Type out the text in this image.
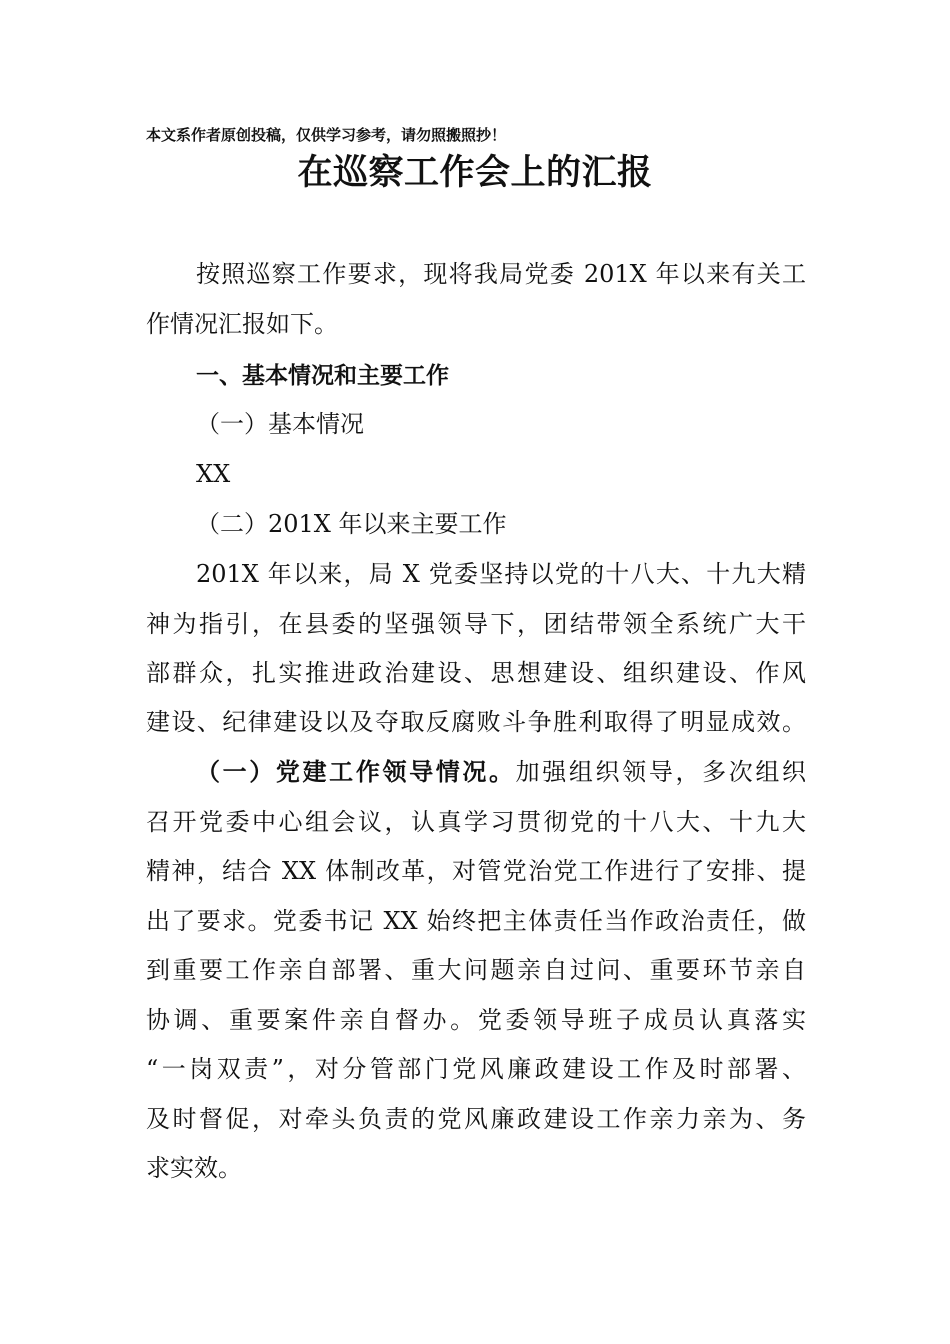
本文系作者原创投稿，仅供学习参考，请勿照搬照抄！
在巡察工作会上的汇报
按照巡察工作要求，现将我局党委 201X 年以来有关工
作情况汇报如下。
一、基本情况和主要工作
（一）基本情况
XX
（二）201X 年以来主要工作
201X 年以来，局 X 党委坚持以党的十八大、十九大精
神为指引，在县委的坚强领导下，团结带领全系统广大干
部群众，扎实推进政治建设、思想建设、组织建设、作风
建设、纪律建设以及夺取反腐败斗争胜利取得了明显成效。
（一）党建工作领导情况。加强组织领导，多次组织
召开党委中心组会议，认真学习贯彻党的十八大、十九大
精神，结合 XX 体制改革，对管党治党工作进行了安排、提
出了要求。党委书记 XX 始终把主体责任当作政治责任，做
到重要工作亲自部署、重大问题亲自过问、重要环节亲自
协调、重要案件亲自督办。党委领导班子成员认真落实
“一岗双责”，对分管部门党风廉政建设工作及时部署、
及时督促，对牵头负责的党风廉政建设工作亲力亲为、务
求实效。
